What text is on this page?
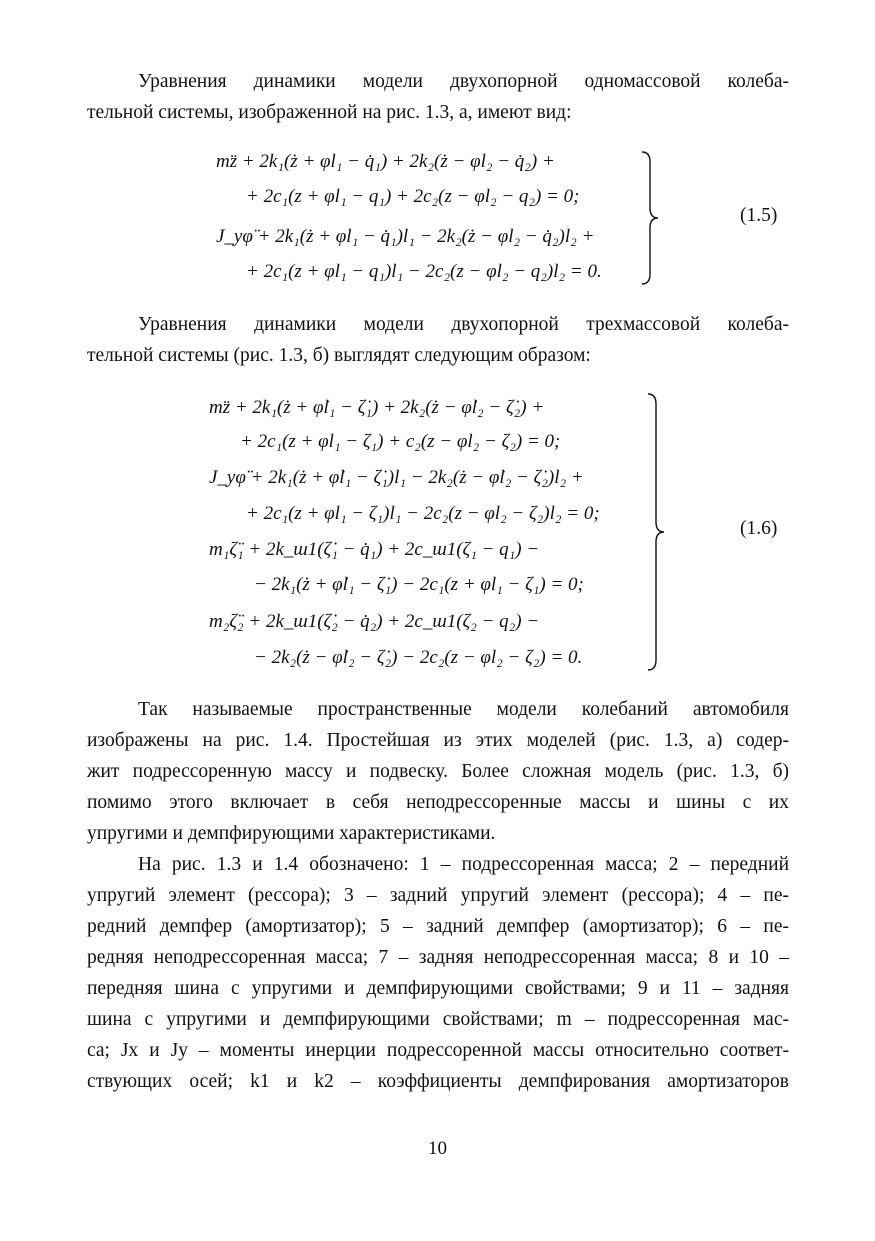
Уравнения динамики модели двухопорной одномассовой колеба-
тельной системы, изображенной на рис. 1.3, а, имеют вид:
mz̈ + 2k₁(ż + φl₁ − q̇₁) + 2k₂(ż − φl₂ − q̇₂) +
+ 2c₁(z + φl₁ − q₁) + 2c₂(z − φl₂ − q₂) = 0;
J_yφ̈ + 2k₁(ż + φl₁ − q̇₁)l₁ − 2k₂(ż − φl₂ − q̇₂)l₂ +
+ 2c₁(z + φl₁ − q₁)l₁ − 2c₂(z − φl₂ − q₂)l₂ = 0.
(1.5)
Уравнения динамики модели двухопорной трехмассовой колеба-
тельной системы (рис. 1.3, б) выглядят следующим образом:
mz̈ + 2k₁(ż + φ̇l₁ − ζ̇₁) + 2k₂(ż − φ̇l₂ − ζ̇₂) +
+ 2c₁(z + φl₁ − ζ₁) + c₂(z − φl₂ − ζ₂) = 0;
J_yφ̈ + 2k₁(ż + φ̇l₁ − ζ̇₁)l₁ − 2k₂(ż − φ̇l₂ − ζ̇₂)l₂ +
+ 2c₁(z + φl₁ − ζ₁)l₁ − 2c₂(z − φl₂ − ζ₂)l₂ = 0;
m₁ζ̈₁ + 2k_ш1(ζ̇₁ − q̇₁) + 2c_ш1(ζ₁ − q₁) −
− 2k₁(ż + φ̇l₁ − ζ̇₁) − 2c₁(z + φl₁ − ζ₁) = 0;
m₂ζ̈₂ + 2k_ш1(ζ̇₂ − q̇₂) + 2c_ш1(ζ₂ − q₂) −
− 2k₂(ż − φ̇l₂ − ζ̇₂) − 2c₂(z − φl₂ − ζ₂) = 0.
(1.6)
Так называемые пространственные модели колебаний автомобиля
изображены на рис. 1.4. Простейшая из этих моделей (рис. 1.3, а) содер-
жит подрессоренную массу и подвеску. Более сложная модель (рис. 1.3, б)
помимо этого включает в себя неподрессоренные массы и шины с их
упругими и демпфирующими характеристиками.
На рис. 1.3 и 1.4 обозначено: 1 – подрессоренная масса; 2 – передний
упругий элемент (рессора); 3 – задний упругий элемент (рессора); 4 – пе-
редний демпфер (амортизатор); 5 – задний демпфер (амортизатор); 6 – пе-
редняя неподрессоренная масса; 7 – задняя неподрессоренная масса; 8 и 10 –
передняя шина с упругими и демпфирующими свойствами; 9 и 11 – задняя
шина с упругими и демпфирующими свойствами; m – подрессоренная мас-
са; Jx и Jy – моменты инерции подрессоренной массы относительно соответ-
ствующих осей; k1 и k2 – коэффициенты демпфирования амортизаторов
10
